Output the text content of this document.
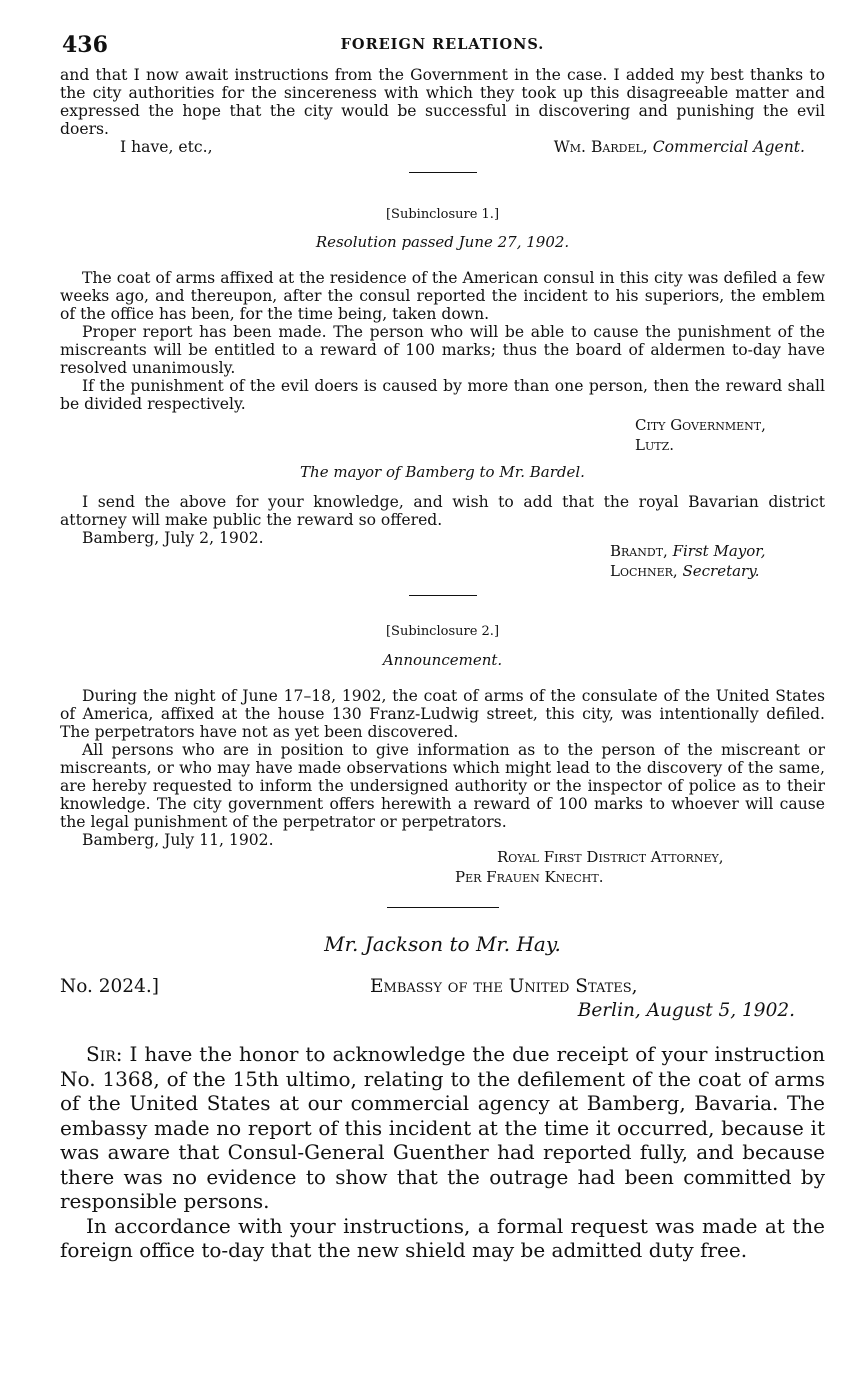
436	FOREIGN RELATIONS.

and that I now await instructions from the Government in the case. I added my best thanks to the city authorities for the sincereness with which they took up this disagreeable matter and expressed the hope that the city would be successful in discovering and punishing the evil doers.

I have, etc.,	Wm. Bardel, Commercial Agent.
[Subinclosure 1.]
Resolution passed June 27, 1902.

The coat of arms affixed at the residence of the American consul in this city was defiled a few weeks ago, and thereupon, after the consul reported the incident to his superiors, the emblem of the office has been, for the time being, taken down.

Proper report has been made. The person who will be able to cause the punishment of the miscreants will be entitled to a reward of 100 marks; thus the board of aldermen to-day have resolved unanimously.

If the punishment of the evil doers is caused by more than one person, then the reward shall be divided respectively.

City Government,
Lutz.
The mayor of Bamberg to Mr. Bardel.

I send the above for your knowledge, and wish to add that the royal Bavarian district attorney will make public the reward so offered.

Bamberg, July 2, 1902.
Brandt, First Mayor,
Lochner, Secretary.
[Subinclosure 2.]
Announcement.

During the night of June 17–18, 1902, the coat of arms of the consulate of the United States of America, affixed at the house 130 Franz-Ludwig street, this city, was intentionally defiled. The perpetrators have not as yet been discovered.

All persons who are in position to give information as to the person of the miscreant or miscreants, or who may have made observations which might lead to the discovery of the same, are hereby requested to inform the undersigned authority or the inspector of police as to their knowledge. The city government offers herewith a reward of 100 marks to whoever will cause the legal punishment of the perpetrator or perpetrators.

Bamberg, July 11, 1902.
Royal First District Attorney,
Per Frauen Knecht.
Mr. Jackson to Mr. Hay.
No. 2024.]	Embassy of the United States,
Berlin, August 5, 1902.

Sir: I have the honor to acknowledge the due receipt of your instruction No. 1368, of the 15th ultimo, relating to the defilement of the coat of arms of the United States at our commercial agency at Bamberg, Bavaria. The embassy made no report of this incident at the time it occurred, because it was aware that Consul-General Guenther had reported fully, and because there was no evidence to show that the outrage had been committed by responsible persons.

In accordance with your instructions, a formal request was made at the foreign office to-day that the new shield may be admitted duty free.
